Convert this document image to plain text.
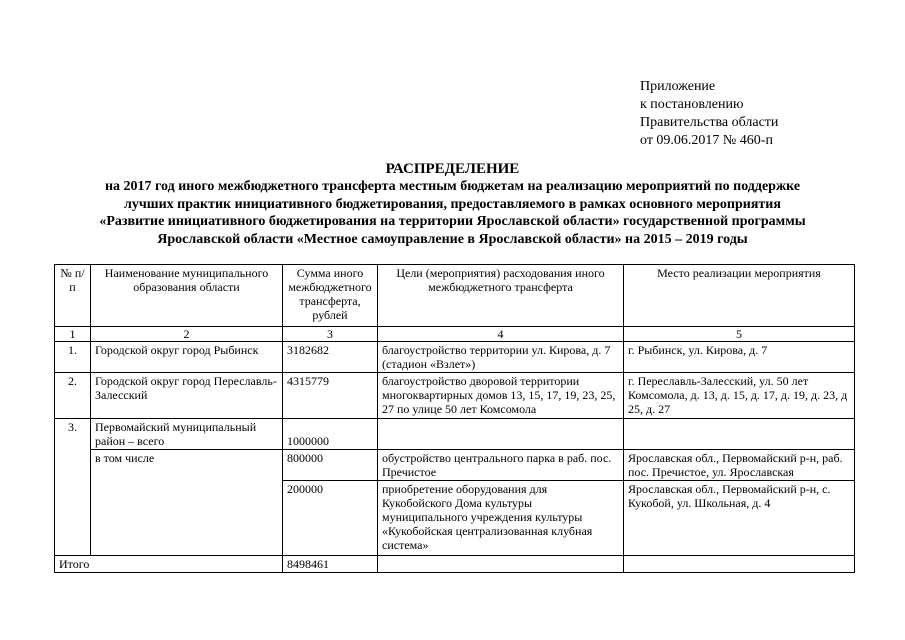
Приложение
к постановлению
Правительства области
от 09.06.2017 № 460-п
РАСПРЕДЕЛЕНИЕ
на 2017 год иного межбюджетного трансферта местным бюджетам на реализацию мероприятий по поддержке
лучших практик инициативного бюджетирования, предоставляемого в рамках основного мероприятия
«Развитие инициативного бюджетирования на территории Ярославской области» государственной программы
Ярославской области «Местное самоуправление в Ярославской области» на 2015 – 2019 годы
№ п/п	Наименование муниципального образования области	Сумма иного межбюджетного трансферта, рублей	Цели (мероприятия) расходования иного межбюджетного трансферта	Место реализации мероприятия
1	2	3	4	5
1.	Городской округ город Рыбинск	3182682	благоустройство территории ул. Кирова, д. 7 (стадион «Взлет»)	г. Рыбинск, ул. Кирова, д. 7
2.	Городской округ город Переславль-Залесский	4315779	благоустройство дворовой территории многоквартирных домов 13, 15, 17, 19, 23, 25, 27 по улице 50 лет Комсомола	г. Переславль-Залесский, ул. 50 лет Комсомола, д. 13, д. 15, д. 17, д. 19, д. 23, д 25, д. 27
3.	Первомайский муниципальный район – всего	1000000		
	в том числе	800000	обустройство центрального парка в раб. пос. Пречистое	Ярославская обл., Первомайский р-н, раб. пос. Пречистое, ул. Ярославская
		200000	приобретение оборудования для Кукобойского Дома культуры муниципального учреждения культуры «Кукобойская централизованная клубная система»	Ярославская обл., Первомайский р-н, с. Кукобой, ул. Школьная, д. 4
Итого		8498461		
